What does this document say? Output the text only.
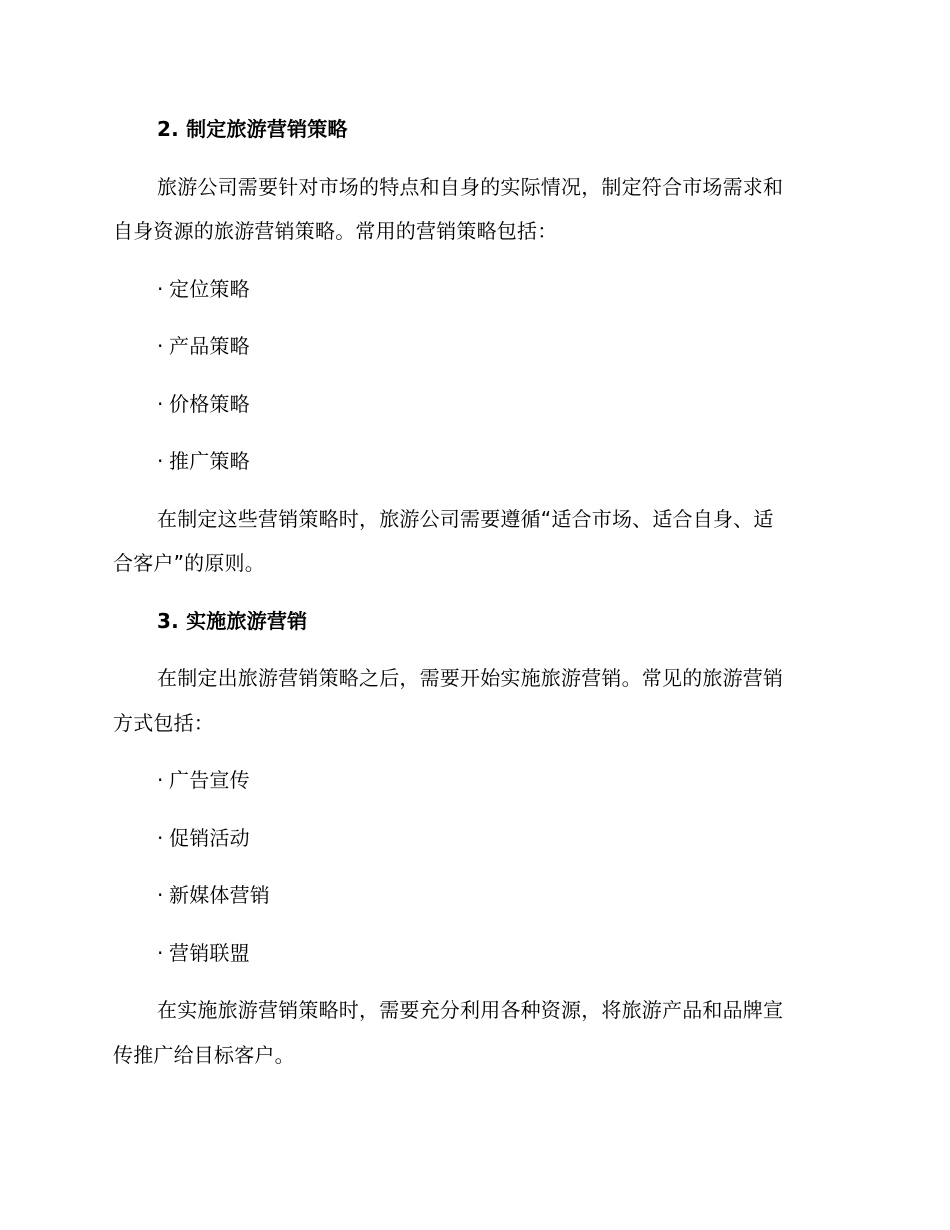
2. 制定旅游营销策略
旅游公司需要针对市场的特点和自身的实际情况，制定符合市场需求和
自身资源的旅游营销策略。常用的营销策略包括：
· 定位策略
· 产品策略
· 价格策略
· 推广策略
在制定这些营销策略时，旅游公司需要遵循“适合市场、适合自身、适
合客户”的原则。
3. 实施旅游营销
在制定出旅游营销策略之后，需要开始实施旅游营销。常见的旅游营销
方式包括：
· 广告宣传
· 促销活动
· 新媒体营销
· 营销联盟
在实施旅游营销策略时，需要充分利用各种资源，将旅游产品和品牌宣
传推广给目标客户。
